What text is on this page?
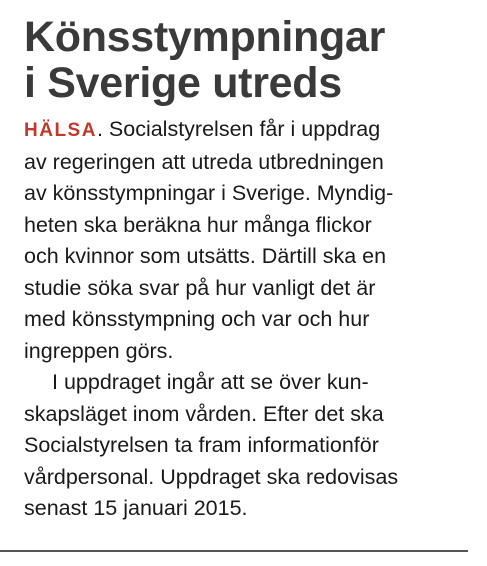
Könsstympningar
i Sverige utreds

HÄLSA. Socialstyrelsen får i uppdrag
av regeringen att utreda utbredningen
av könsstympningar i Sverige. Myndig-
heten ska beräkna hur många flickor
och kvinnor som utsätts. Därtill ska en
studie söka svar på hur vanligt det är
med könsstympning och var och hur
ingreppen görs.

I uppdraget ingår att se över kun-
skapsläget inom vården. Efter det ska
Socialstyrelsen ta fram informationför
vårdpersonal. Uppdraget ska redovisas
senast 15 januari 2015.
